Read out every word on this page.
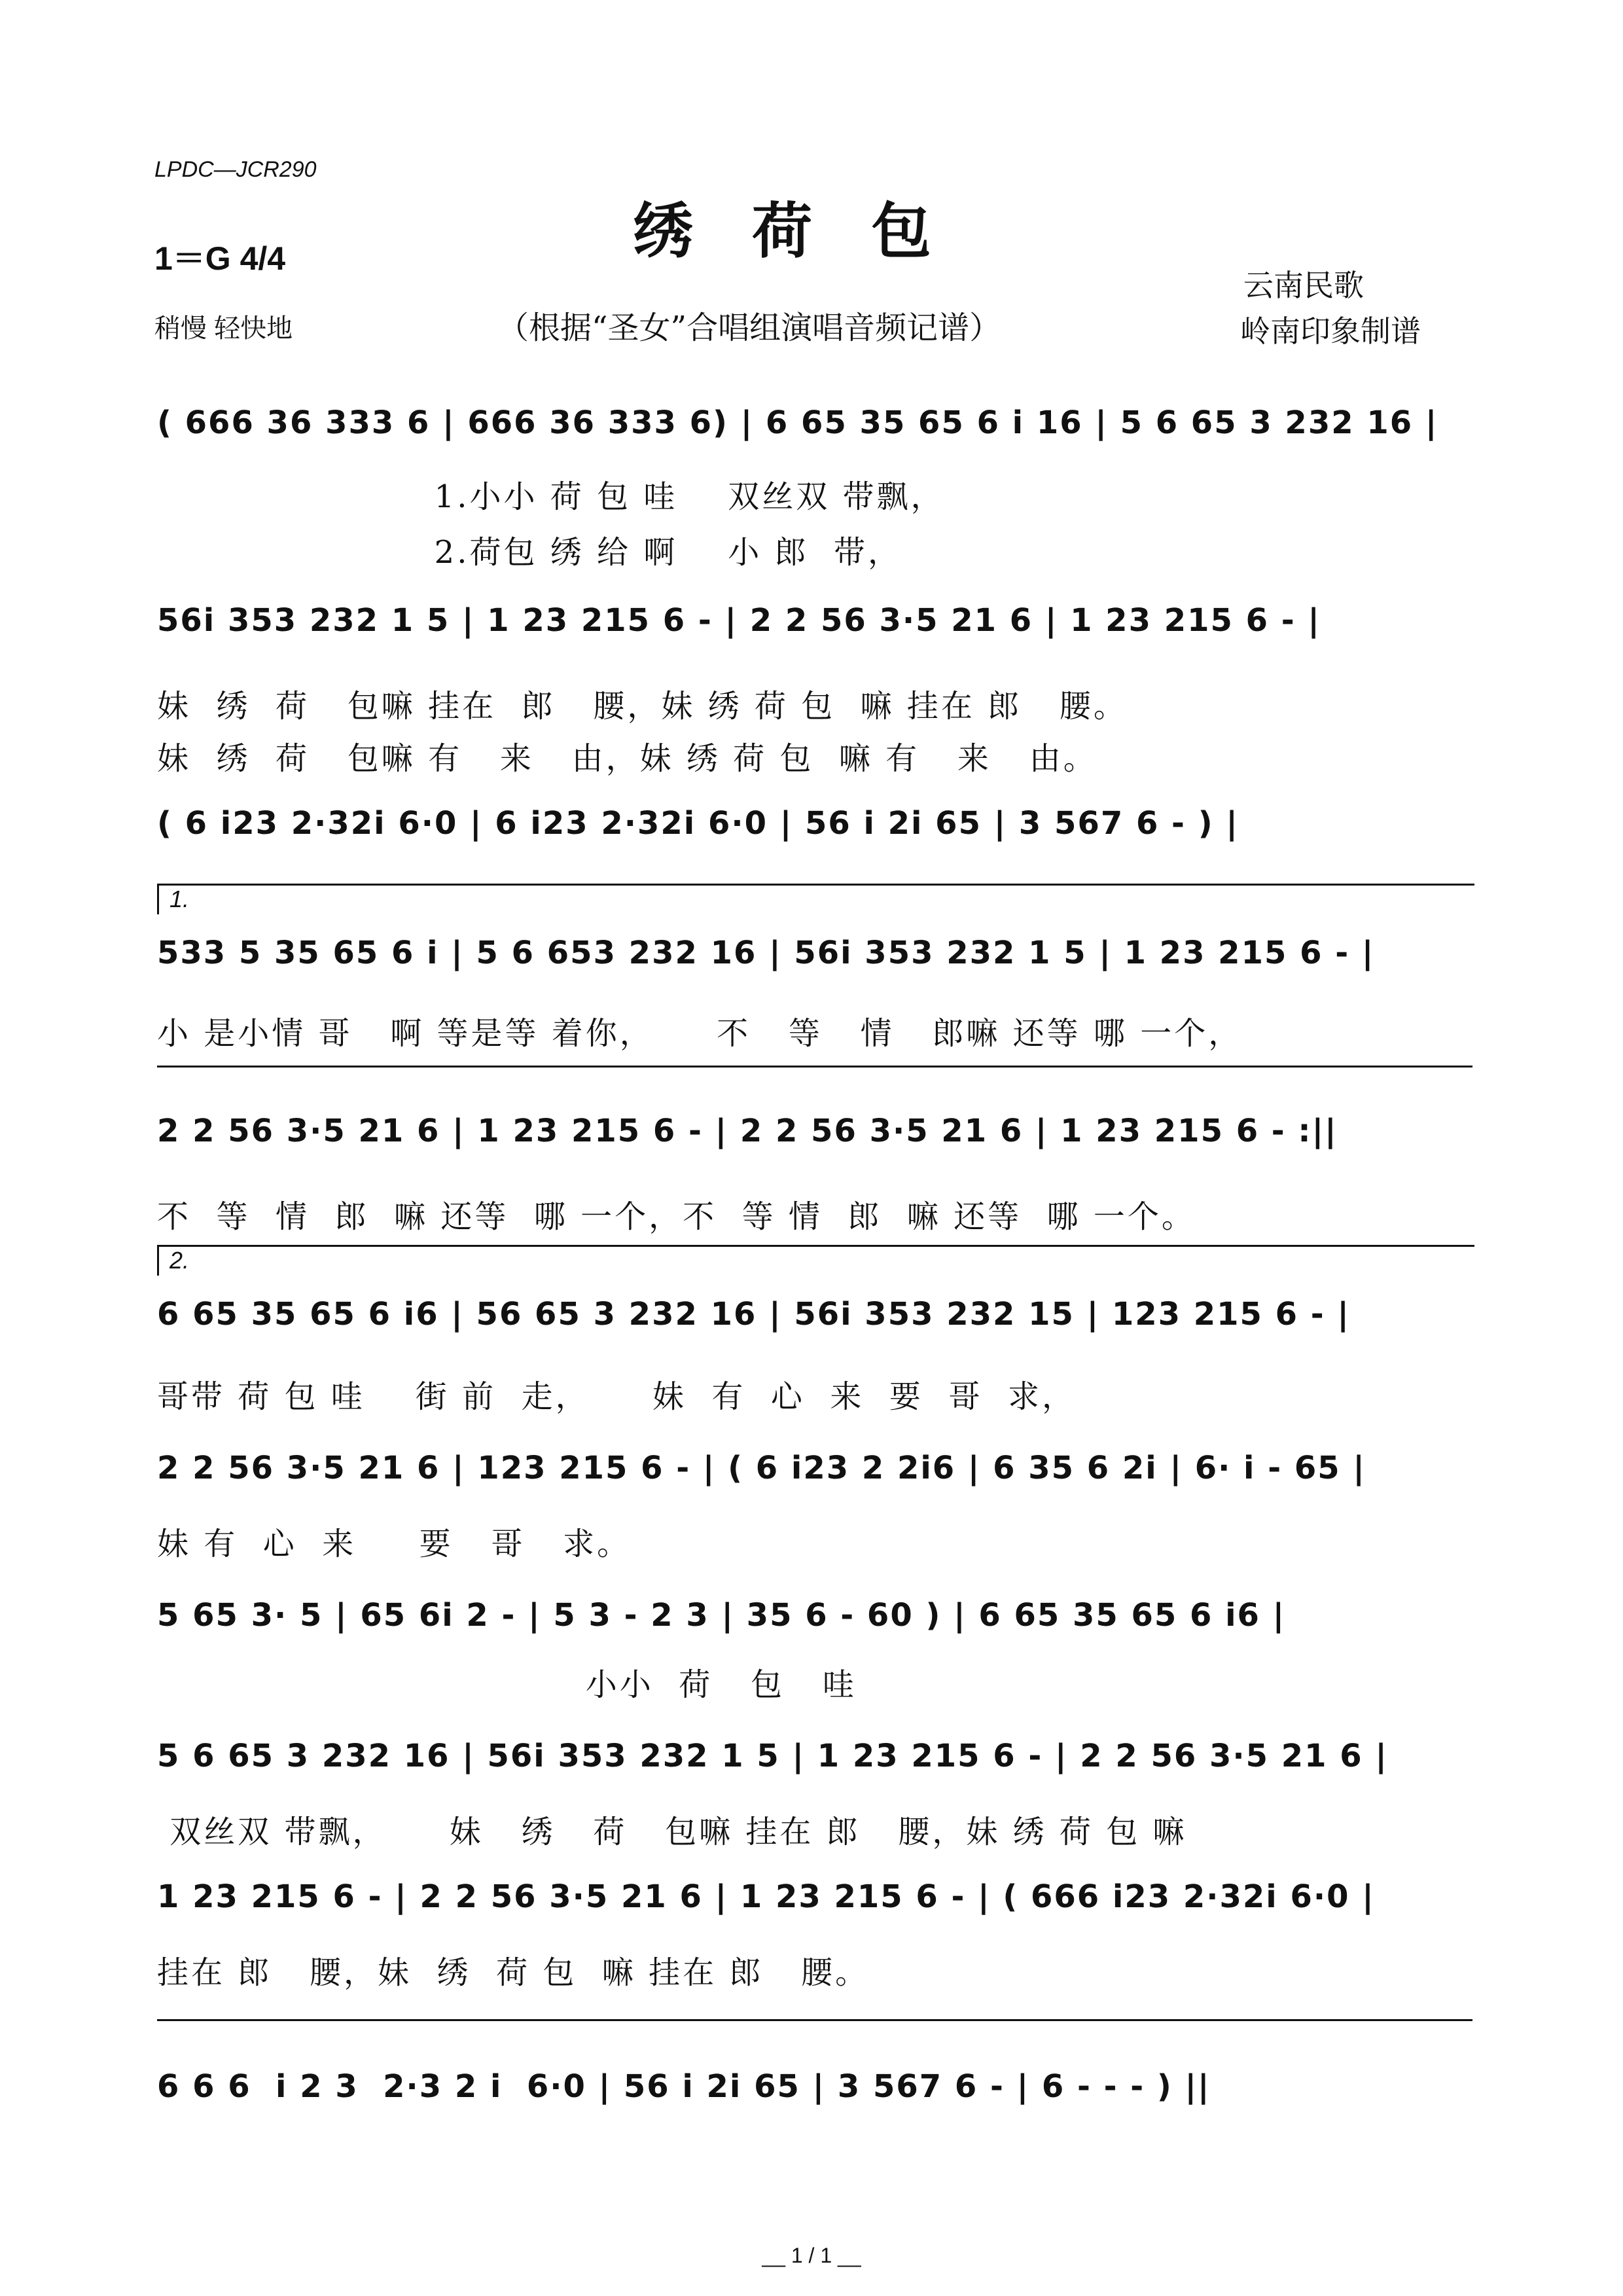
LPDC—JCR290
绣荷包
1＝G 4/4
稍慢 轻快地	（根据“圣女”合唱组演唱音频记谱）
云南民歌
岭南印象制谱
( 666 36 333 6 | 666 36 333 6) | 6 65 35 65 6 i 16 | 5 6 65 3 232 16 |
1.小小 荷 包 哇    双丝双 带飘，
2.荷包 绣 给 啊    小 郎  带，
56i 353 232 1 5 | 1 23 215 6 - | 2 2 56 3·5 21 6 | 1 23 215 6 - |
妹  绣  荷   包嘛 挂在  郎   腰，妹 绣 荷 包  嘛 挂在 郎   腰。
妹  绣  荷   包嘛 有   来   由，妹 绣 荷 包  嘛 有   来   由。
( 6 i23 2·32i 6·0 | 6 i23 2·32i 6·0 | 56 i 2i 65 | 3 567 6 - ) |
1.
533 5 35 65 6 i | 5 6 653 232 16 | 56i 353 232 1 5 | 1 23 215 6 - |
小 是小情 哥   啊 等是等 着你，     不   等   情   郎嘛 还等 哪 一个，
2 2 56 3·5 21 6 | 1 23 215 6 - | 2 2 56 3·5 21 6 | 1 23 215 6 - :||
不  等  情  郎  嘛 还等  哪 一个，不  等 情  郎  嘛 还等  哪 一个。
2.
6 65 35 65 6 i6 | 56 65 3 232 16 | 56i 353 232 15 | 123 215 6 - |
哥带 荷 包 哇    街 前  走，     妹  有  心  来  要  哥  求，
2 2 56 3·5 21 6 | 123 215 6 - | ( 6 i23 2 2i6 | 6 35 6 2i | 6· i - 65 |
妹 有  心  来     要   哥   求。
5 65 3· 5 | 65 6i 2 - | 5 3 - 2 3 | 35 6 - 60 ) | 6 65 35 65 6 i6 |
小小  荷   包   哇
5 6 65 3 232 16 | 56i 353 232 1 5 | 1 23 215 6 - | 2 2 56 3·5 21 6 |
双丝双 带飘，     妹   绣   荷   包嘛 挂在 郎   腰，妹 绣 荷 包 嘛
1 23 215 6 - | 2 2 56 3·5 21 6 | 1 23 215 6 - | ( 666 i23 2·32i 6·0 |
挂在 郎   腰，妹  绣  荷 包  嘛 挂在 郎   腰。
6 6 6  i 2 3  2·3 2 i  6·0 | 56 i 2i 65 | 3 567 6 - | 6 - - - ) ||
__ 1 / 1 __
